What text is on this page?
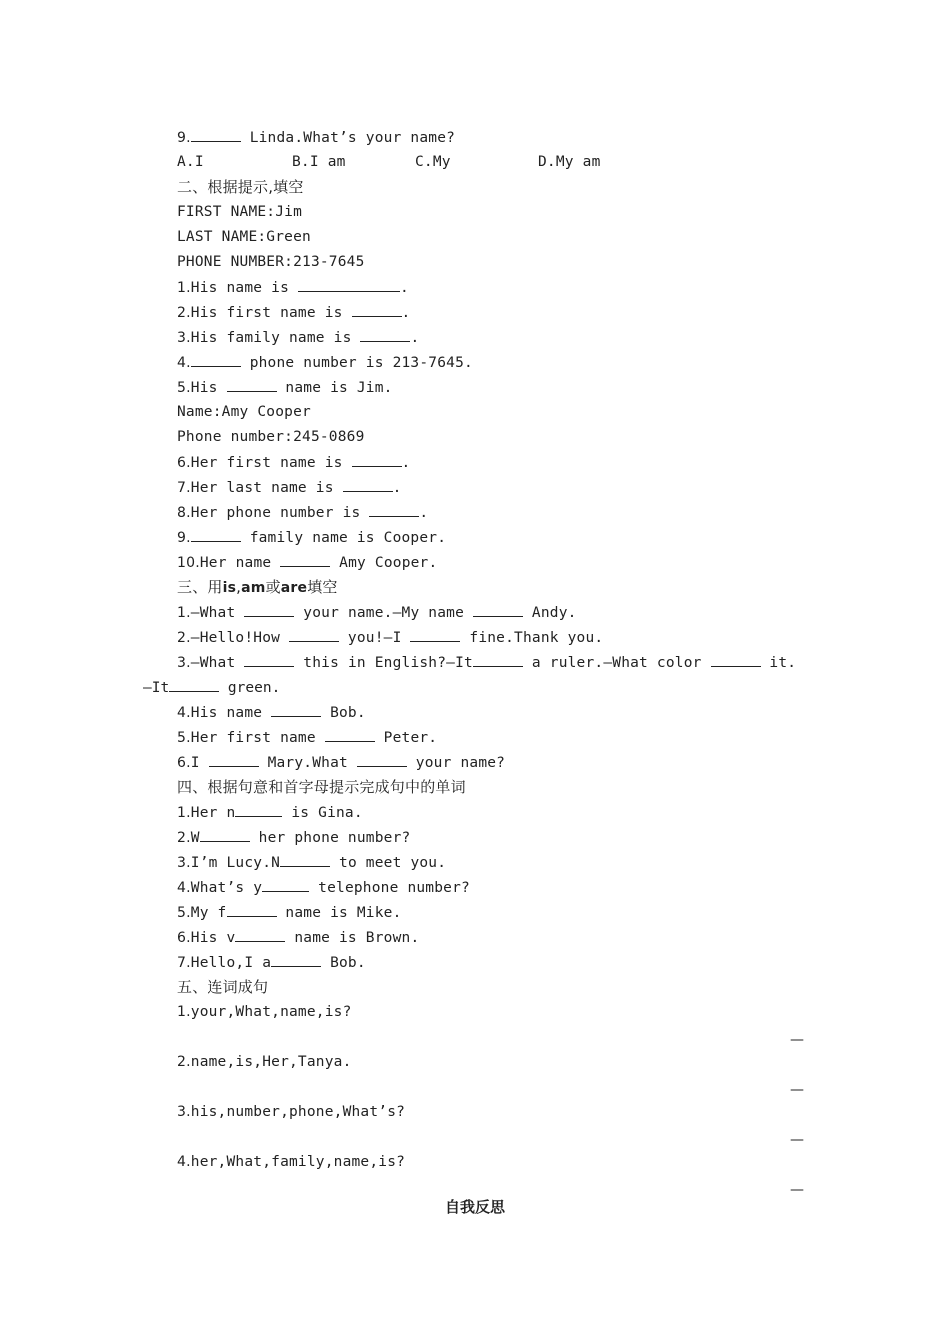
9.	Linda.What’s your name?
A.I	B.I am	C.My	D.My am
二、根据提示,填空
FIRST NAME:Jim
LAST NAME:Green
PHONE NUMBER:213-7645
1.His name is	.
2.His first name is	.
3.His family name is	.
4.	phone number is 213-7645.
5.His	name is Jim.
Name:Amy Cooper
Phone number:245-0869
6.Her first name is	.
7.Her last name is	.
8.Her phone number is	.
9.	family name is Cooper.
10.Her name	Amy Cooper.
三、用is,am或are填空
1.—What	your name.—My name	Andy.
2.—Hello!How	you!—I	fine.Thank you.
3.—What	this in English?—It	a ruler.—What color	it.
—It	green.
4.His name	Bob.
5.Her first name	Peter.
6.I	Mary.What	your name?
四、根据句意和首字母提示完成句中的单词
1.Her n	is Gina.
2.W	her phone number?
3.I’m Lucy.N	to meet you.
4.What’s y	telephone number?
5.My f	name is Mike.
6.His v	name is Brown.
7.Hello,I a	Bob.
五、连词成句
1.your,What,name,is?
—
2.name,is,Her,Tanya.
—
3.his,number,phone,What’s?
—
4.her,What,family,name,is?
—
自我反思
